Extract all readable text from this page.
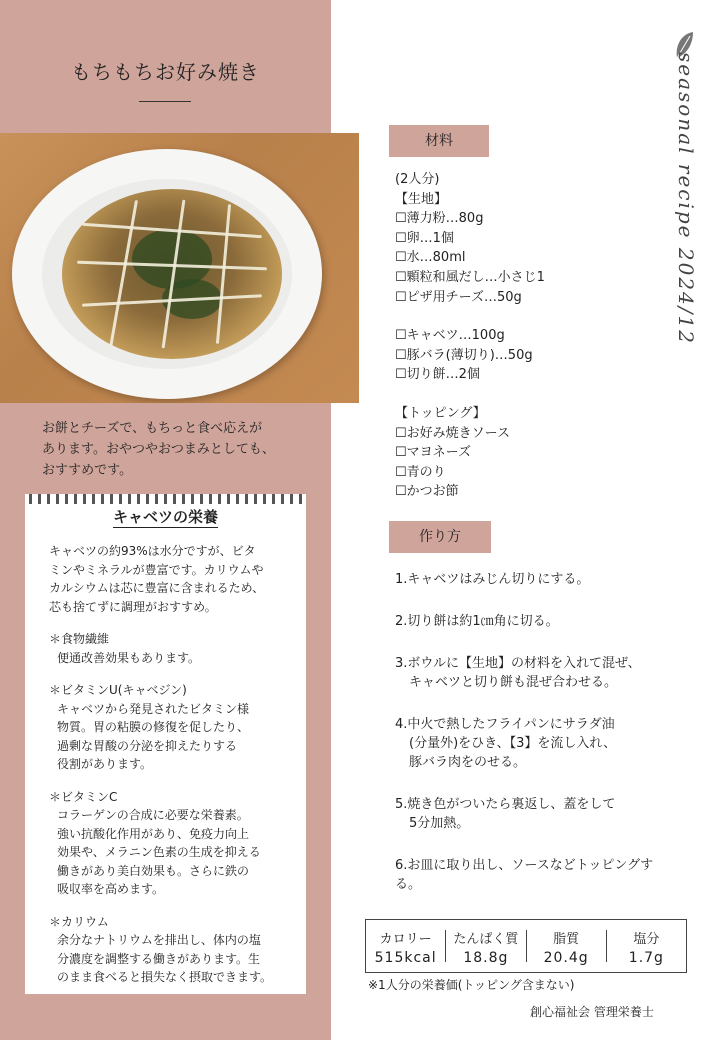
もちもちお好み焼き
お餅とチーズで、もちっと食べ応えが
あります。おやつやおつまみとしても、
おすすめです。
キャベツの栄養

キャベツの約93%は水分ですが、ビタ
ミンやミネラルが豊富です。カリウムや
カルシウムは芯に豊富に含まれるため、
芯も捨てずに調理がおすすめ。

＊食物繊維
便通改善効果もあります。
＊ビタミンU(キャベジン)
キャベツから発見されたビタミン様
物質。胃の粘膜の修復を促したり、
過剰な胃酸の分泌を抑えたりする
役割があります。
＊ビタミンC
コラーゲンの合成に必要な栄養素。
強い抗酸化作用があり、免疫力向上
効果や、メラニン色素の生成を抑える
働きがあり美白効果も。さらに鉄の
吸収率を高めます。
＊カリウム
余分なナトリウムを排出し、体内の塩
分濃度を調整する働きがあります。生
のまま食べると損失なく摂取できます。
seasonal recipe 2024/12
材料
(2人分)
【生地】
☐薄力粉…80g
☐卵…1個
☐水…80ml
☐顆粒和風だし…小さじ1
☐ピザ用チーズ…50g
☐キャベツ…100g
☐豚バラ(薄切り)…50g
☐切り餅…2個
【トッピング】
☐お好み焼きソース
☐マヨネーズ
☐青のり
☐かつお節
作り方
1.キャベツはみじん切りにする。
2.切り餅は約1㎝角に切る。
3.ボウルに【生地】の材料を入れて混ぜ、
キャベツと切り餅も混ぜ合わせる。
4.中火で熱したフライパンにサラダ油
(分量外)をひき、【3】を流し入れ、
豚バラ肉をのせる。
5.焼き色がついたら裏返し、蓋をして
5分加熱。
6.お皿に取り出し、ソースなどトッピングす
る。
カロリー
515kcal
たんぱく質
18.8g
脂質
20.4g
塩分
1.7g
※1人分の栄養価(トッピング含まない)
創心福祉会 管理栄養士
